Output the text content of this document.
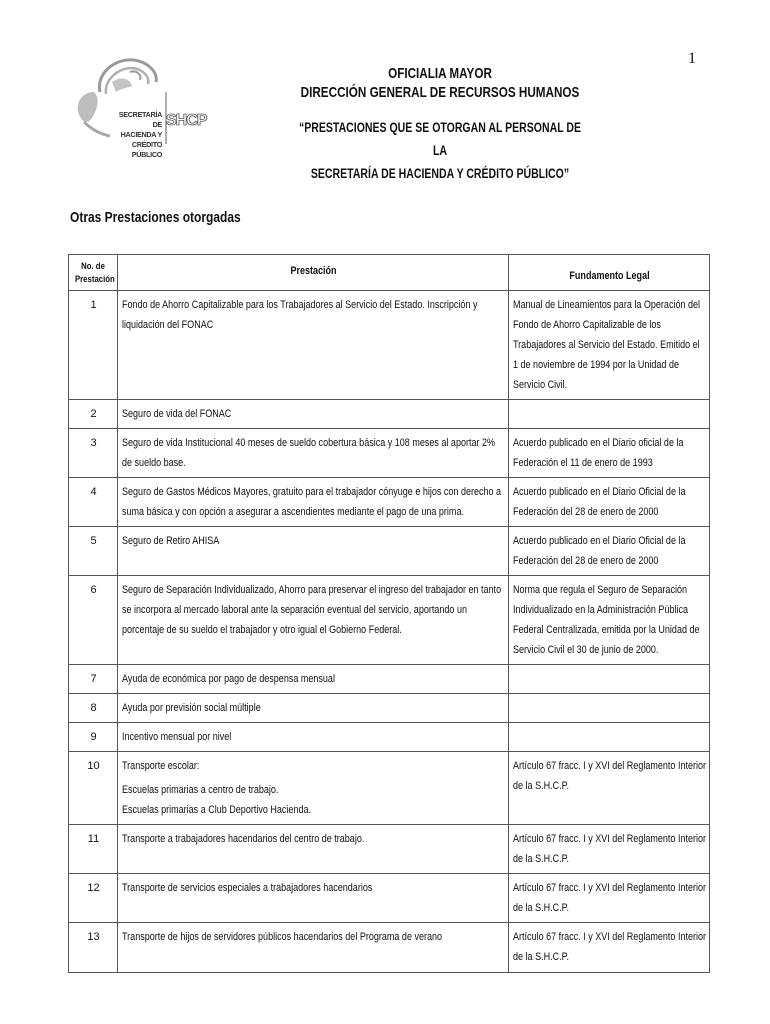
1
SECRETARÍA DE
HACIENDA Y
CRÉDITO PÚBLICO
SHCP
OFICIALIA MAYOR
DIRECCIÓN GENERAL DE RECURSOS HUMANOS
“PRESTACIONES QUE SE OTORGAN AL PERSONAL DE LA
SECRETARÍA DE HACIENDA Y CRÉDITO PÚBLICO”
Otras Prestaciones otorgadas
No. de
Prestación	Prestación	Fundamento Legal

1	Fondo de Ahorro Capitalizable para los Trabajadores al Servicio del Estado. Inscripción y liquidación del FONAC	Manual de Lineamientos para la Operación del Fondo de Ahorro Capitalizable de los Trabajadores al Servicio del Estado. Emitido el 1 de noviembre de 1994 por la Unidad de Servicio Civil.

2	Seguro de vida del FONAC	

3	Seguro de vida Institucional 40 meses de sueldo cobertura básica y 108 meses al aportar 2% de sueldo base.	Acuerdo publicado en el Diario oficial de la Federación el 11 de enero de 1993

4	Seguro de Gastos Médicos Mayores, gratuito para el trabajador cónyuge e hijos con derecho a suma básica y con opción a asegurar a ascendientes mediante el pago de una prima.	Acuerdo publicado en el Diario Oficial de la Federación del 28 de enero de 2000

5	Seguro de Retiro AHISA	Acuerdo publicado en el Diario Oficial de la Federación del 28 de enero de 2000

6	Seguro de Separación Individualizado, Ahorro para preservar el ingreso del trabajador en tanto se incorpora al mercado laboral ante la separación eventual del servicio, aportando un porcentaje de su sueldo el trabajador y otro igual el Gobierno Federal.	Norma que regula el Seguro de Separación Individualizado en la Administración Pública Federal Centralizada, emitida por la Unidad de Servicio Civil el 30 de junio de 2000.

7	Ayuda de económica por pago de despensa mensual	

8	Ayuda por previsión social múltiple	

9	Incentivo mensual por nivel	

10	Transporte escolar:
Escuelas primarias a centro de trabajo.
Escuelas primarias a Club Deportivo Hacienda.	Artículo 67 fracc. I y XVI del Reglamento Interior de la S.H.C.P.

11	Transporte a trabajadores hacendarios del centro de trabajo.	Artículo 67 fracc. I y XVI del Reglamento Interior de la S.H.C.P.

12	Transporte de servicios especiales a trabajadores hacendarios	Artículo 67 fracc. I y XVI del Reglamento Interior de la S.H.C.P.

13	Transporte de hijos de servidores públicos hacendarios del Programa de verano	Artículo 67 fracc. I y XVI del Reglamento Interior de la S.H.C.P.
